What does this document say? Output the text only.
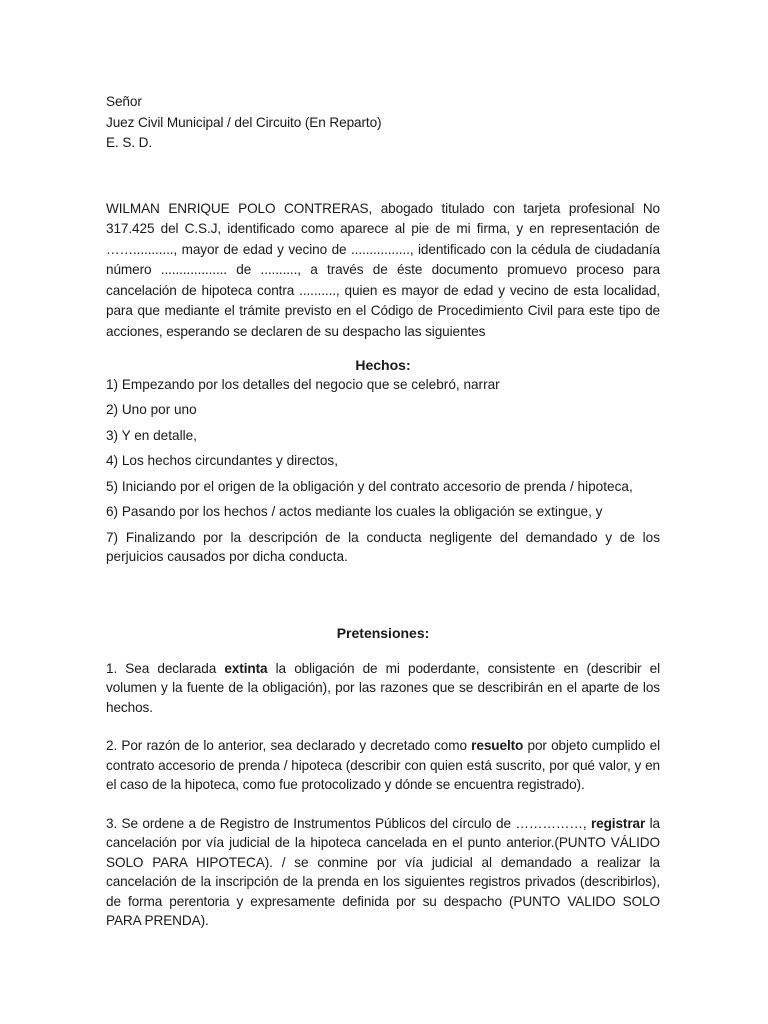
Señor
Juez Civil Municipal / del Circuito (En Reparto)
E. S. D.

WILMAN ENRIQUE POLO CONTRERAS, abogado titulado con tarjeta profesional No 317.425 del C.S.J, identificado como aparece al pie de mi firma, y en representación de ……..........., mayor de edad y vecino de ................, identificado con la cédula de ciudadanía número .................. de .........., a través de éste documento promuevo proceso para cancelación de hipoteca contra .........., quien es mayor de edad y vecino de esta localidad, para que mediante el trámite previsto en el Código de Procedimiento Civil para este tipo de acciones, esperando se declaren de su despacho las siguientes

Hechos:
1) Empezando por los detalles del negocio que se celebró, narrar
2) Uno por uno
3) Y en detalle,
4) Los hechos circundantes y directos,
5) Iniciando por el origen de la obligación y del contrato accesorio de prenda / hipoteca,
6) Pasando por los hechos / actos mediante los cuales la obligación se extingue, y
7) Finalizando por la descripción de la conducta negligente del demandado y de los perjuicios causados por dicha conducta.
Pretensiones:

1. Sea declarada extinta la obligación de mi poderdante, consistente en (describir el volumen y la fuente de la obligación), por las razones que se describirán en el aparte de los hechos.

2. Por razón de lo anterior, sea declarado y decretado como resuelto por objeto cumplido el contrato accesorio de prenda / hipoteca (describir con quien está suscrito, por qué valor, y en el caso de la hipoteca, como fue protocolizado y dónde se encuentra registrado).

3. Se ordene a de Registro de Instrumentos Públicos del círculo de ……………, registrar la cancelación por vía judicial de la hipoteca cancelada en el punto anterior.(PUNTO VÁLIDO SOLO PARA HIPOTECA). / se conmine por vía judicial al demandado a realizar la cancelación de la inscripción de la prenda en los siguientes registros privados (describirlos), de forma perentoria y expresamente definida por su despacho (PUNTO VALIDO SOLO PARA PRENDA).
